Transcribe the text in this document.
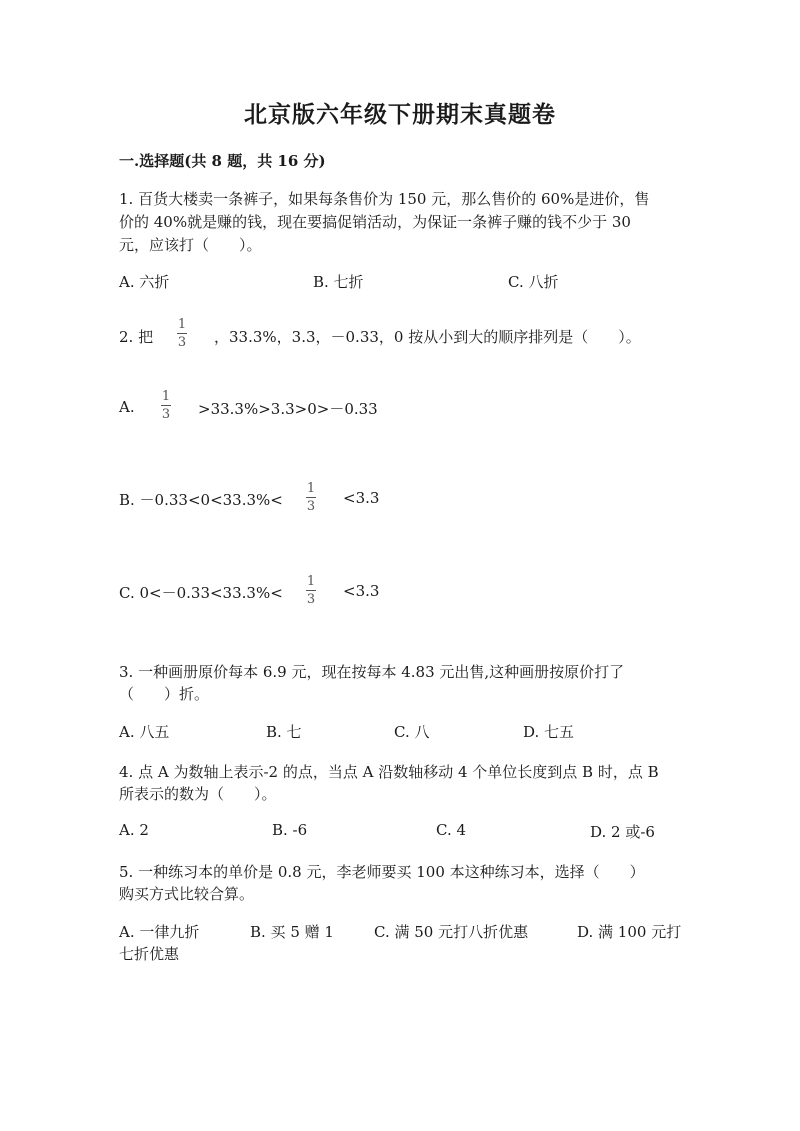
北京版六年级下册期末真题卷
一.选择题(共 8 题，共 16 分)
1. 百货大楼卖一条裤子，如果每条售价为 150 元，那么售价的 60%是进价，售
价的 40%就是赚的钱，现在要搞促销活动，为保证一条裤子赚的钱不少于 30
元，应该打（　　）。
A. 六折	B. 七折	C. 八折
2. 把
1
3 ，33.3%，3.3，－0.33，0 按从小到大的顺序排列是（　　）。
A.
1
3 >33.3%>3.3>0>－0.33
B. －0.33<0<33.3%<
1
3 <3.3
C. 0<－0.33<33.3%<
1
3 <3.3
3. 一种画册原价每本 6.9 元，现在按每本 4.83 元出售,这种画册按原价打了
（　　）折。
A. 八五	B. 七	C. 八	D. 七五
4. 点 A 为数轴上表示-2 的点，当点 A 沿数轴移动 4 个单位长度到点 B 时，点 B
所表示的数为（　　）。
A. 2	B. -6	C. 4	D. 2 或-6
5. 一种练习本的单价是 0.8 元，李老师要买 100 本这种练习本，选择（　　）
购买方式比较合算。
A. 一律九折	B. 买 5 赠 1	C. 满 50 元打八折优惠	D. 满 100 元打
七折优惠
